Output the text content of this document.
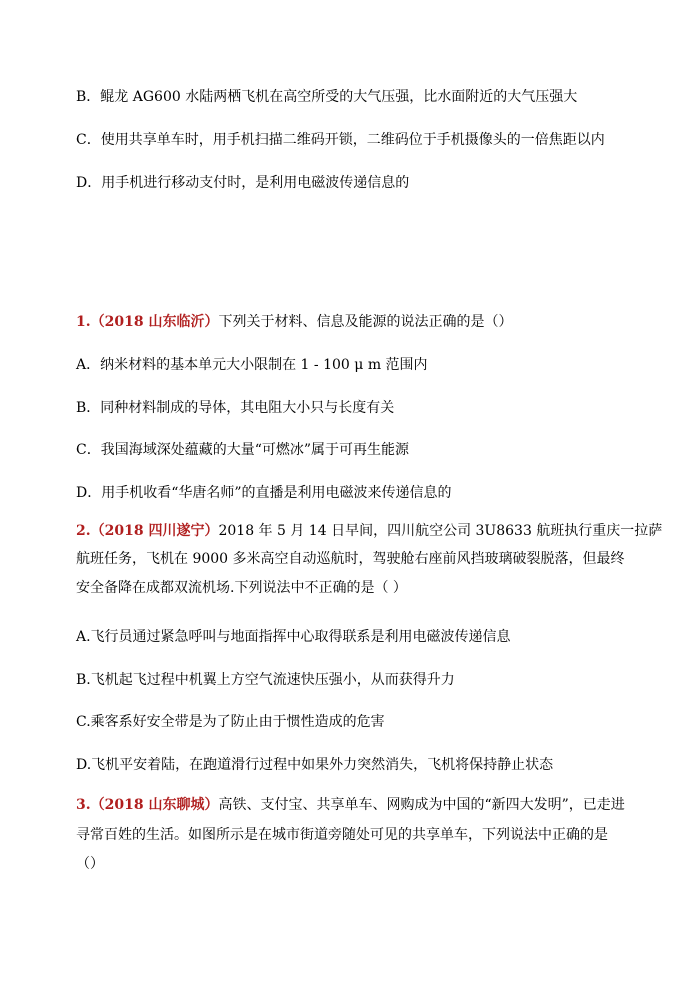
B．鲲龙 AG600 水陆两栖飞机在高空所受的大气压强，比水面附近的大气压强大
C．使用共享单车时，用手机扫描二维码开锁，二维码位于手机摄像头的一倍焦距以内
D．用手机进行移动支付时，是利用电磁波传递信息的
1.（2018 山东临沂）下列关于材料、信息及能源的说法正确的是（）
A．纳米材料的基本单元大小限制在 1 - 100 μ m 范围内
B．同种材料制成的导体，其电阻大小只与长度有关
C．我国海域深处蕴藏的大量“可燃冰”属于可再生能源
D．用手机收看“华唐名师”的直播是利用电磁波来传递信息的
2.（2018 四川遂宁）2018 年 5 月 14 日早间，四川航空公司 3U8633 航班执行重庆一拉萨
航班任务，飞机在 9000 多米高空自动巡航时，驾驶舱右座前风挡玻璃破裂脱落，但最终
安全备降在成都双流机场.下列说法中不正确的是（ ）
A.飞行员通过紧急呼叫与地面指挥中心取得联系是利用电磁波传递信息
B.飞机起飞过程中机翼上方空气流速快压强小，从而获得升力
C.乘客系好安全带是为了防止由于惯性造成的危害
D.飞机平安着陆，在跑道滑行过程中如果外力突然消失，飞机将保持静止状态
3.（2018 山东聊城）高铁、支付宝、共享单车、网购成为中国的“新四大发明”，已走进
寻常百姓的生活。如图所示是在城市街道旁随处可见的共享单车，下列说法中正确的是
（）
